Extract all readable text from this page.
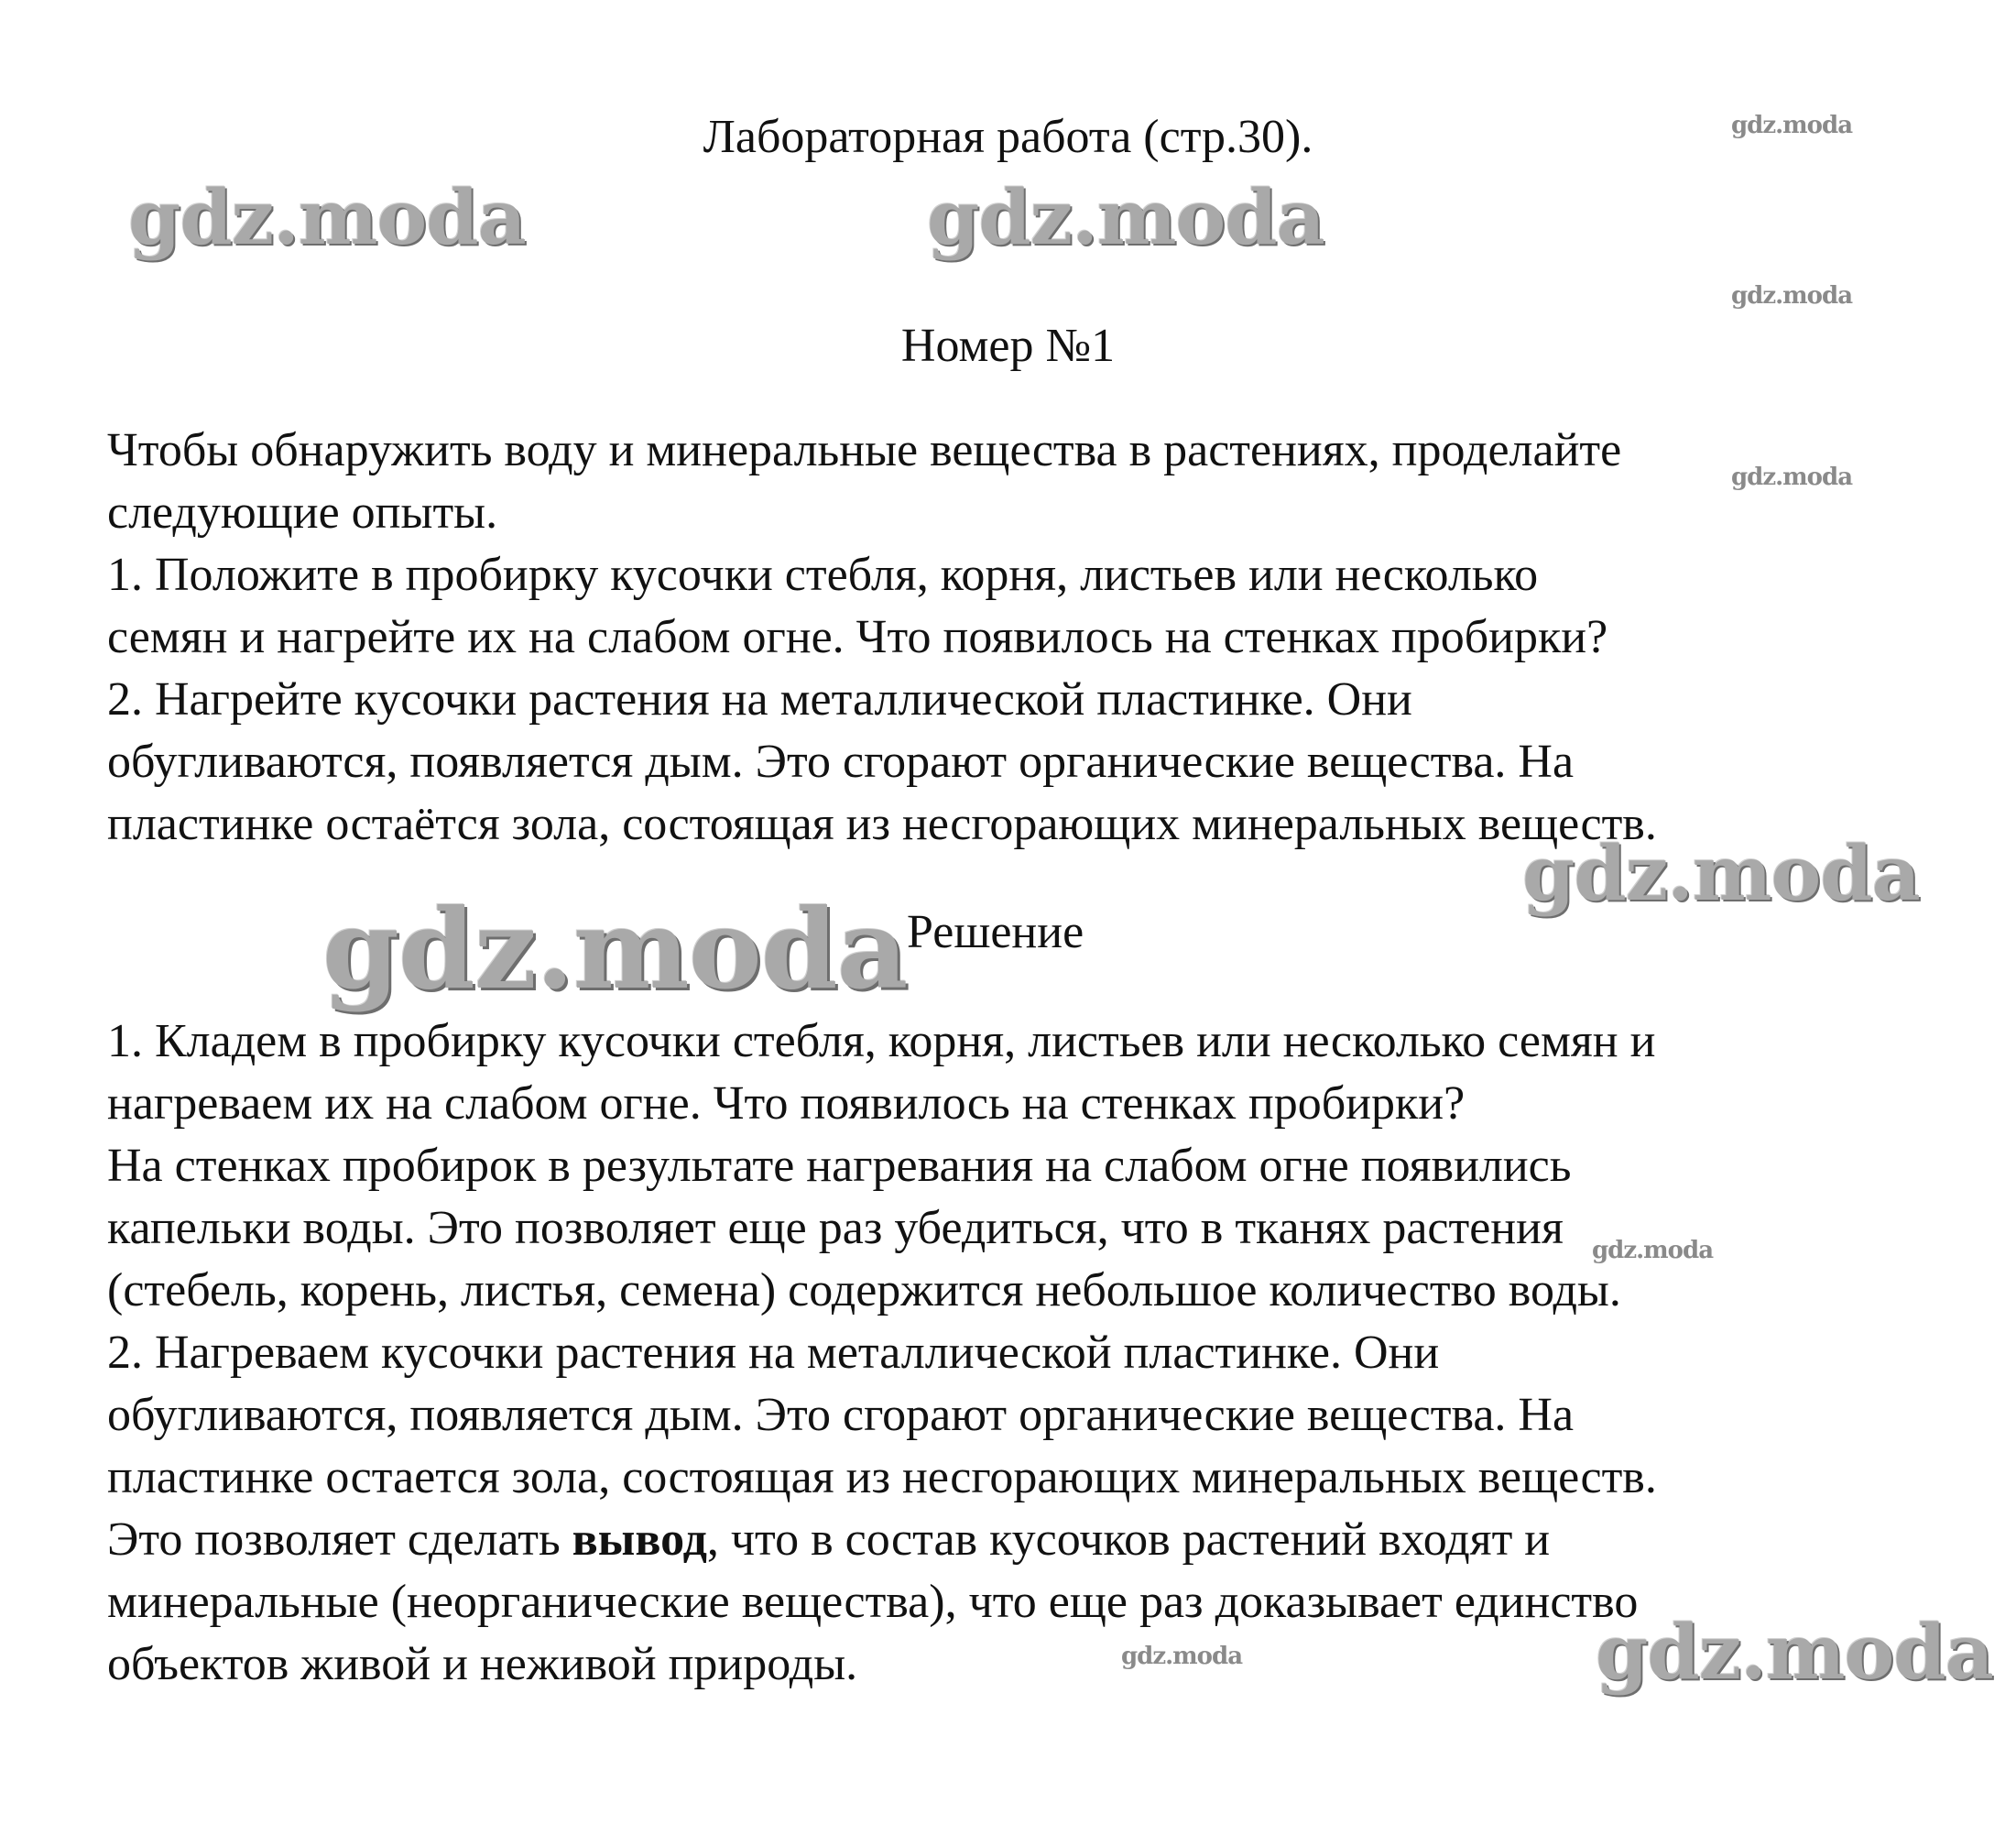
gdz.moda
gdz.moda	gdz.moda
gdz.moda
gdz.moda
gdz.moda
gdz.moda
gdz.moda
gdz.moda	gdz.moda
Лабораторная работа (стр.30).
Номер №1
Чтобы обнаружить воду и минеральные вещества в растениях, проделайте
следующие опыты.
1. Положите в пробирку кусочки стебля, корня, листьев или несколько
семян и нагрейте их на слабом огне. Что появилось на стенках пробирки?
2. Нагрейте кусочки растения на металлической пластинке. Они
обугливаются, появляется дым. Это сгорают органические вещества. На
пластинке остаётся зола, состоящая из несгорающих минеральных веществ.
Решение
1. Кладем в пробирку кусочки стебля, корня, листьев или несколько семян и
нагреваем их на слабом огне. Что появилось на стенках пробирки?
На стенках пробирок в результате нагревания на слабом огне появились
капельки воды. Это позволяет еще раз убедиться, что в тканях растения
(стебель, корень, листья, семена) содержится небольшое количество воды.
2. Нагреваем кусочки растения на металлической пластинке. Они
обугливаются, появляется дым. Это сгорают органические вещества. На
пластинке остается зола, состоящая из несгорающих минеральных веществ.
Это позволяет сделать вывод, что в состав кусочков растений входят и
минеральные (неорганические вещества), что еще раз доказывает единство
объектов живой и неживой природы.
